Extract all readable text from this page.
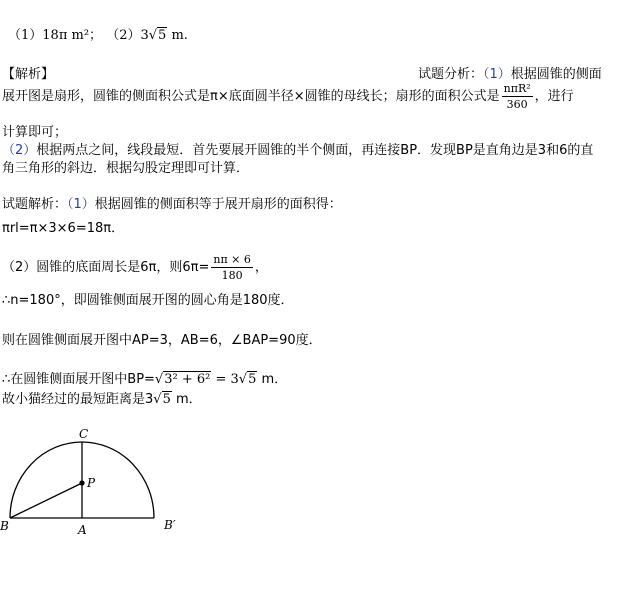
（1）18π m²； （2）3√5 m.
【解析】	试题分析：（1）根据圆锥的侧面
展开图是扇形，圆锥的侧面积公式是π×底面圆半径×圆锥的母线长；扇形的面积公式是 $\frac{\text{nπR²}}{360}$ ，进行
计算即可；
（2）根据两点之间，线段最短．首先要展开圆锥的半个侧面，再连接BP．发现BP是直角边是3和6的直
角三角形的斜边．根据勾股定理即可计算．
试题解析：（1）根据圆锥的侧面积等于展开扇形的面积得：
πrl=π×3×6=18π．
（2）圆锥的底面周长是6π，则$6\pi= \frac{n\pi \times 6}{180}$ ，
∴n=180°，即圆锥侧面展开图的圆心角是180度．
则在圆锥侧面展开图中AP=3，AB=6，∠BAP=90度．
∴在圆锥侧面展开图中BP=√3² + 6² = 3√5 m．
故小猫经过的最短距离是3√5 m．
C
P
B	A	B′
